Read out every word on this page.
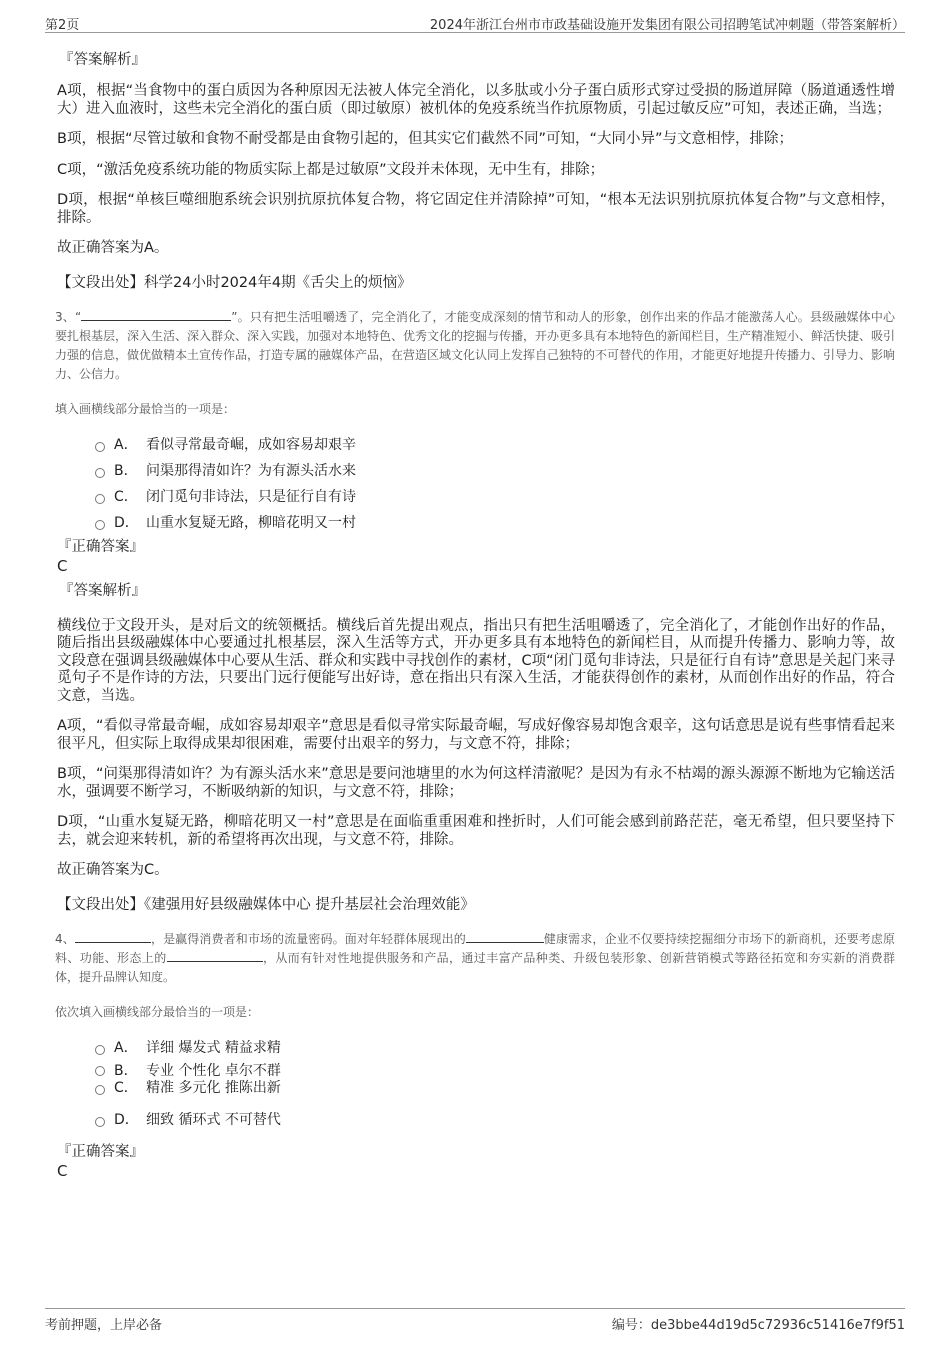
第2页	2024年浙江台州市市政基础设施开发集团有限公司招聘笔试冲刺题（带答案解析）
『答案解析』

A项，根据“当食物中的蛋白质因为各种原因无法被人体完全消化，以多肽或小分子蛋白质形式穿过受损的肠道屏障（肠道通透性增大）进入血液时，这些未完全消化的蛋白质（即过敏原）被机体的免疫系统当作抗原物质，引起过敏反应”可知，表述正确，当选；

B项，根据“尽管过敏和食物不耐受都是由食物引起的，但其实它们截然不同”可知，“大同小异”与文意相悖，排除；

C项，“激活免疫系统功能的物质实际上都是过敏原”文段并未体现，无中生有，排除；

D项，根据“单核巨噬细胞系统会识别抗原抗体复合物，将它固定住并清除掉”可知，“根本无法识别抗原抗体复合物”与文意相悖，排除。

故正确答案为A。

【文段出处】科学24小时2024年4期《舌尖上的烦恼》

3、“	”。只有把生活咀嚼透了，完全消化了，才能变成深刻的情节和动人的形象，创作出来的作品才能激荡人心。县级融媒体中心要扎根基层，深入生活、深入群众、深入实践，加强对本地特色、优秀文化的挖掘与传播，开办更多具有本地特色的新闻栏目，生产精准短小、鲜活快捷、吸引力强的信息，做优做精本土宣传作品，打造专属的融媒体产品，在营造区域文化认同上发挥自己独特的不可替代的作用，才能更好地提升传播力、引导力、影响力、公信力。
填入画横线部分最恰当的一项是：
A． 看似寻常最奇崛，成如容易却艰辛
B． 问渠那得清如许？为有源头活水来
C． 闭门觅句非诗法，只是征行自有诗
D． 山重水复疑无路，柳暗花明又一村
『正确答案』
C
『答案解析』

横线位于文段开头，是对后文的统领概括。横线后首先提出观点，指出只有把生活咀嚼透了，完全消化了，才能创作出好的作品，随后指出县级融媒体中心要通过扎根基层，深入生活等方式，开办更多具有本地特色的新闻栏目，从而提升传播力、影响力等，故文段意在强调县级融媒体中心要从生活、群众和实践中寻找创作的素材，C项“闭门觅句非诗法，只是征行自有诗”意思是关起门来寻觅句子不是作诗的方法，只要出门远行便能写出好诗，意在指出只有深入生活，才能获得创作的素材，从而创作出好的作品，符合文意，当选。

A项，“看似寻常最奇崛，成如容易却艰辛”意思是看似寻常实际最奇崛，写成好像容易却饱含艰辛，这句话意思是说有些事情看起来很平凡，但实际上取得成果却很困难，需要付出艰辛的努力，与文意不符，排除；

B项，“问渠那得清如许？为有源头活水来”意思是要问池塘里的水为何这样清澈呢？是因为有永不枯竭的源头源源不断地为它输送活水，强调要不断学习，不断吸纳新的知识，与文意不符，排除；

D项，“山重水复疑无路，柳暗花明又一村”意思是在面临重重困难和挫折时，人们可能会感到前路茫茫，毫无希望，但只要坚持下去，就会迎来转机，新的希望将再次出现，与文意不符，排除。

故正确答案为C。

【文段出处】《建强用好县级融媒体中心 提升基层社会治理效能》

4、	，是赢得消费者和市场的流量密码。面对年轻群体展现出的	健康需求，企业不仅要持续挖掘细分市场下的新商机，还要考虑原料、功能、形态上的	，从而有针对性地提供服务和产品，通过丰富产品种类、升级包装形象、创新营销模式等路径拓宽和夯实新的消费群体，提升品牌认知度。
依次填入画横线部分最恰当的一项是：
A． 详细 爆发式 精益求精
B． 专业 个性化 卓尔不群
C． 精准 多元化 推陈出新
D． 细致 循环式 不可替代
『正确答案』
C
考前押题，上岸必备	编号：de3bbe44d19d5c72936c51416e7f9f51
